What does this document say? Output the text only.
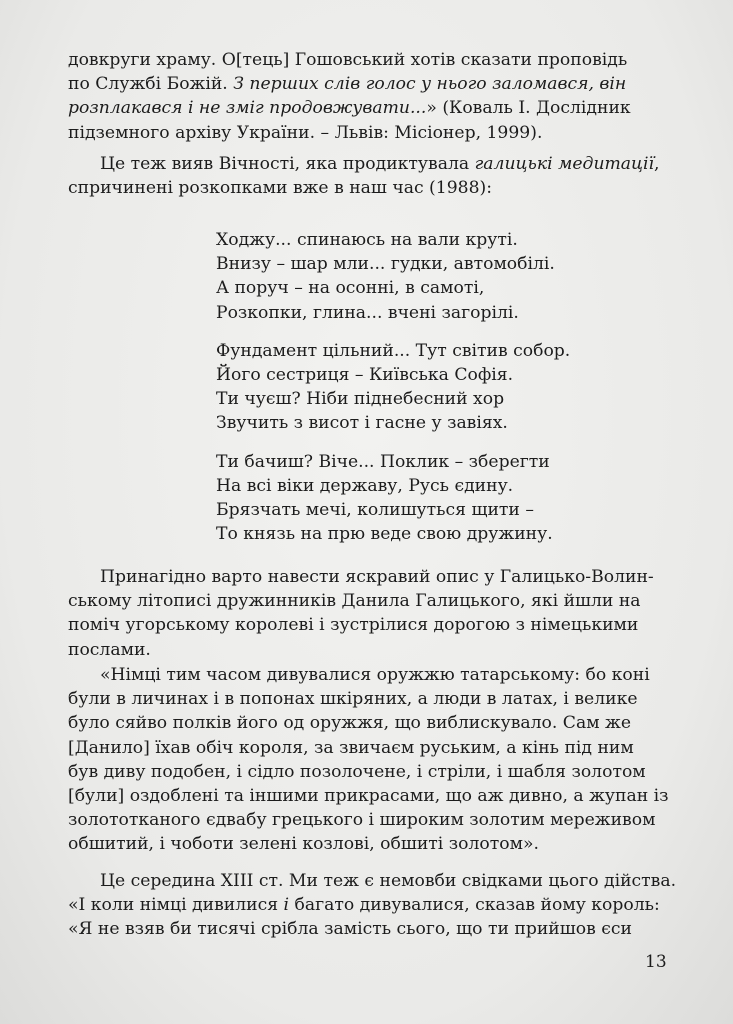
довкруги храму. О[тець] Гошовський хотів сказати проповідь
по Службі Божій. З перших слів голос у нього заломався, він
розплакався і не зміг продовжувати...» (Коваль І. Дослідник
підземного архіву України. – Львів: Місіонер, 1999).
Це теж вияв Вічності, яка продиктувала галицькі медитації,
спричинені розкопками вже в наш час (1988):
Ходжу... спинаюсь на вали круті.
Внизу – шар мли... гудки, автомобілі.
А поруч – на осонні, в самоті,
Розкопки, глина... вчені загорілі.
Фундамент цільний... Тут світив собор.
Його сестриця – Київська Софія.
Ти чуєш? Ніби піднебесний хор
Звучить з висот і гасне у завіях.
Ти бачиш? Віче... Поклик – зберегти
На всі віки державу, Русь єдину.
Брязчать мечі, колишуться щити –
То князь на прю веде свою дружину.
Принагідно варто навести яскравий опис у Галицько-Волин-
ському літописі дружинників Данила Галицького, які йшли на
поміч угорському королеві і зустрілися дорогою з німецькими
послами.
«Німці тим часом дивувалися оружжю татарському: бо коні
були в личинах і в попонах шкіряних, а люди в латах, і велике
було сяйво полків його од оружжя, що виблискувало. Сам же
[Данило] їхав обіч короля, за звичаєм руським, а кінь під ним
був диву подобен, і сідло позолочене, і стріли, і шабля золотом
[були] оздоблені та іншими прикрасами, що аж дивно, а жупан із
золототканого єдвабу грецького і широким золотим мереживом
обшитий, і чоботи зелені козлові, обшиті золотом».
Це середина XIII ст. Ми теж є немовби свідками цього дійства.
«І коли німці дивилися і багато дивувалися, сказав йому король:
«Я не взяв би тисячі срібла замість сього, що ти прийшов єси
13
